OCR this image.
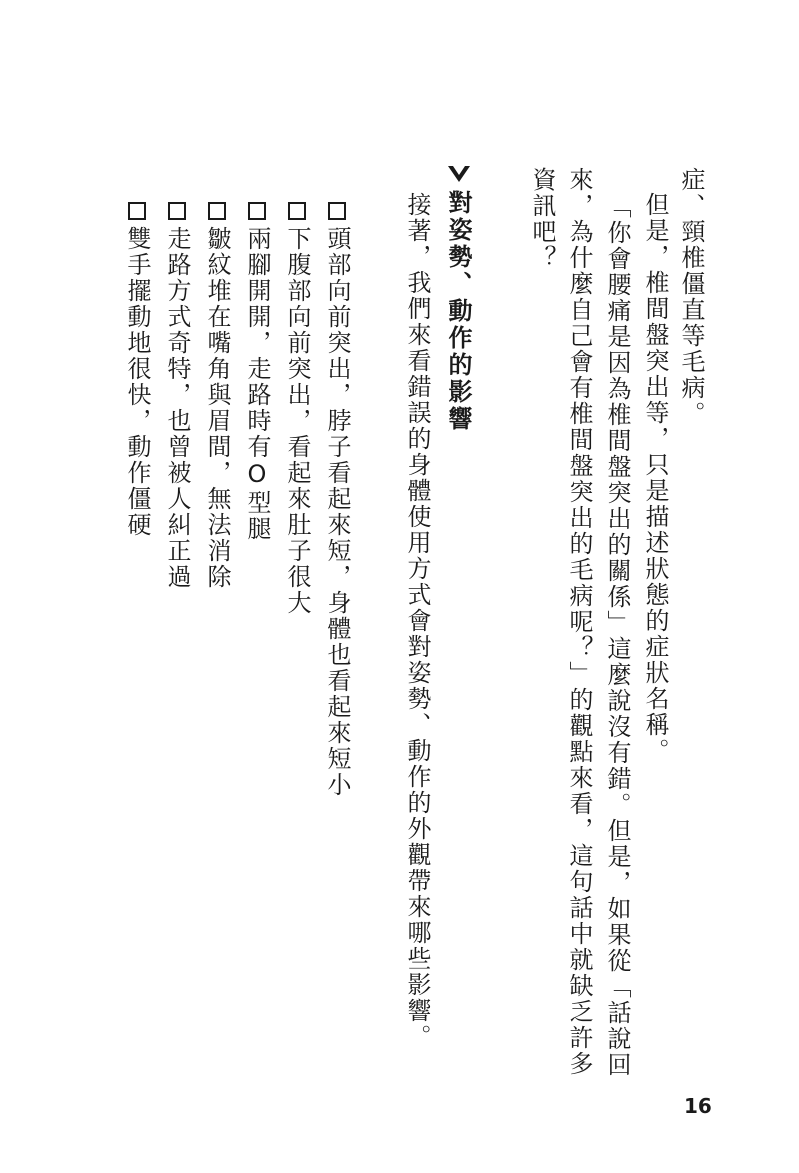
症、頸椎僵直等毛病。
但是，椎間盤突出等，只是描述狀態的症狀名稱。
「你會腰痛是因為椎間盤突出的關係」這麼說沒有錯。但是，如果從「話說回
來，為什麼自己會有椎間盤突出的毛病呢？」的觀點來看，這句話中就缺乏許多
資訊吧？
對姿勢、動作的影響
接著，我們來看錯誤的身體使用方式會對姿勢、動作的外觀帶來哪些影響。
頭部向前突出，脖子看起來短，身體也看起來短小
下腹部向前突出，看起來肚子很大
兩腳開開，走路時有O型腿
皺紋堆在嘴角與眉間，無法消除
走路方式奇特，也曾被人糾正過
雙手擺動地很快，動作僵硬
16
